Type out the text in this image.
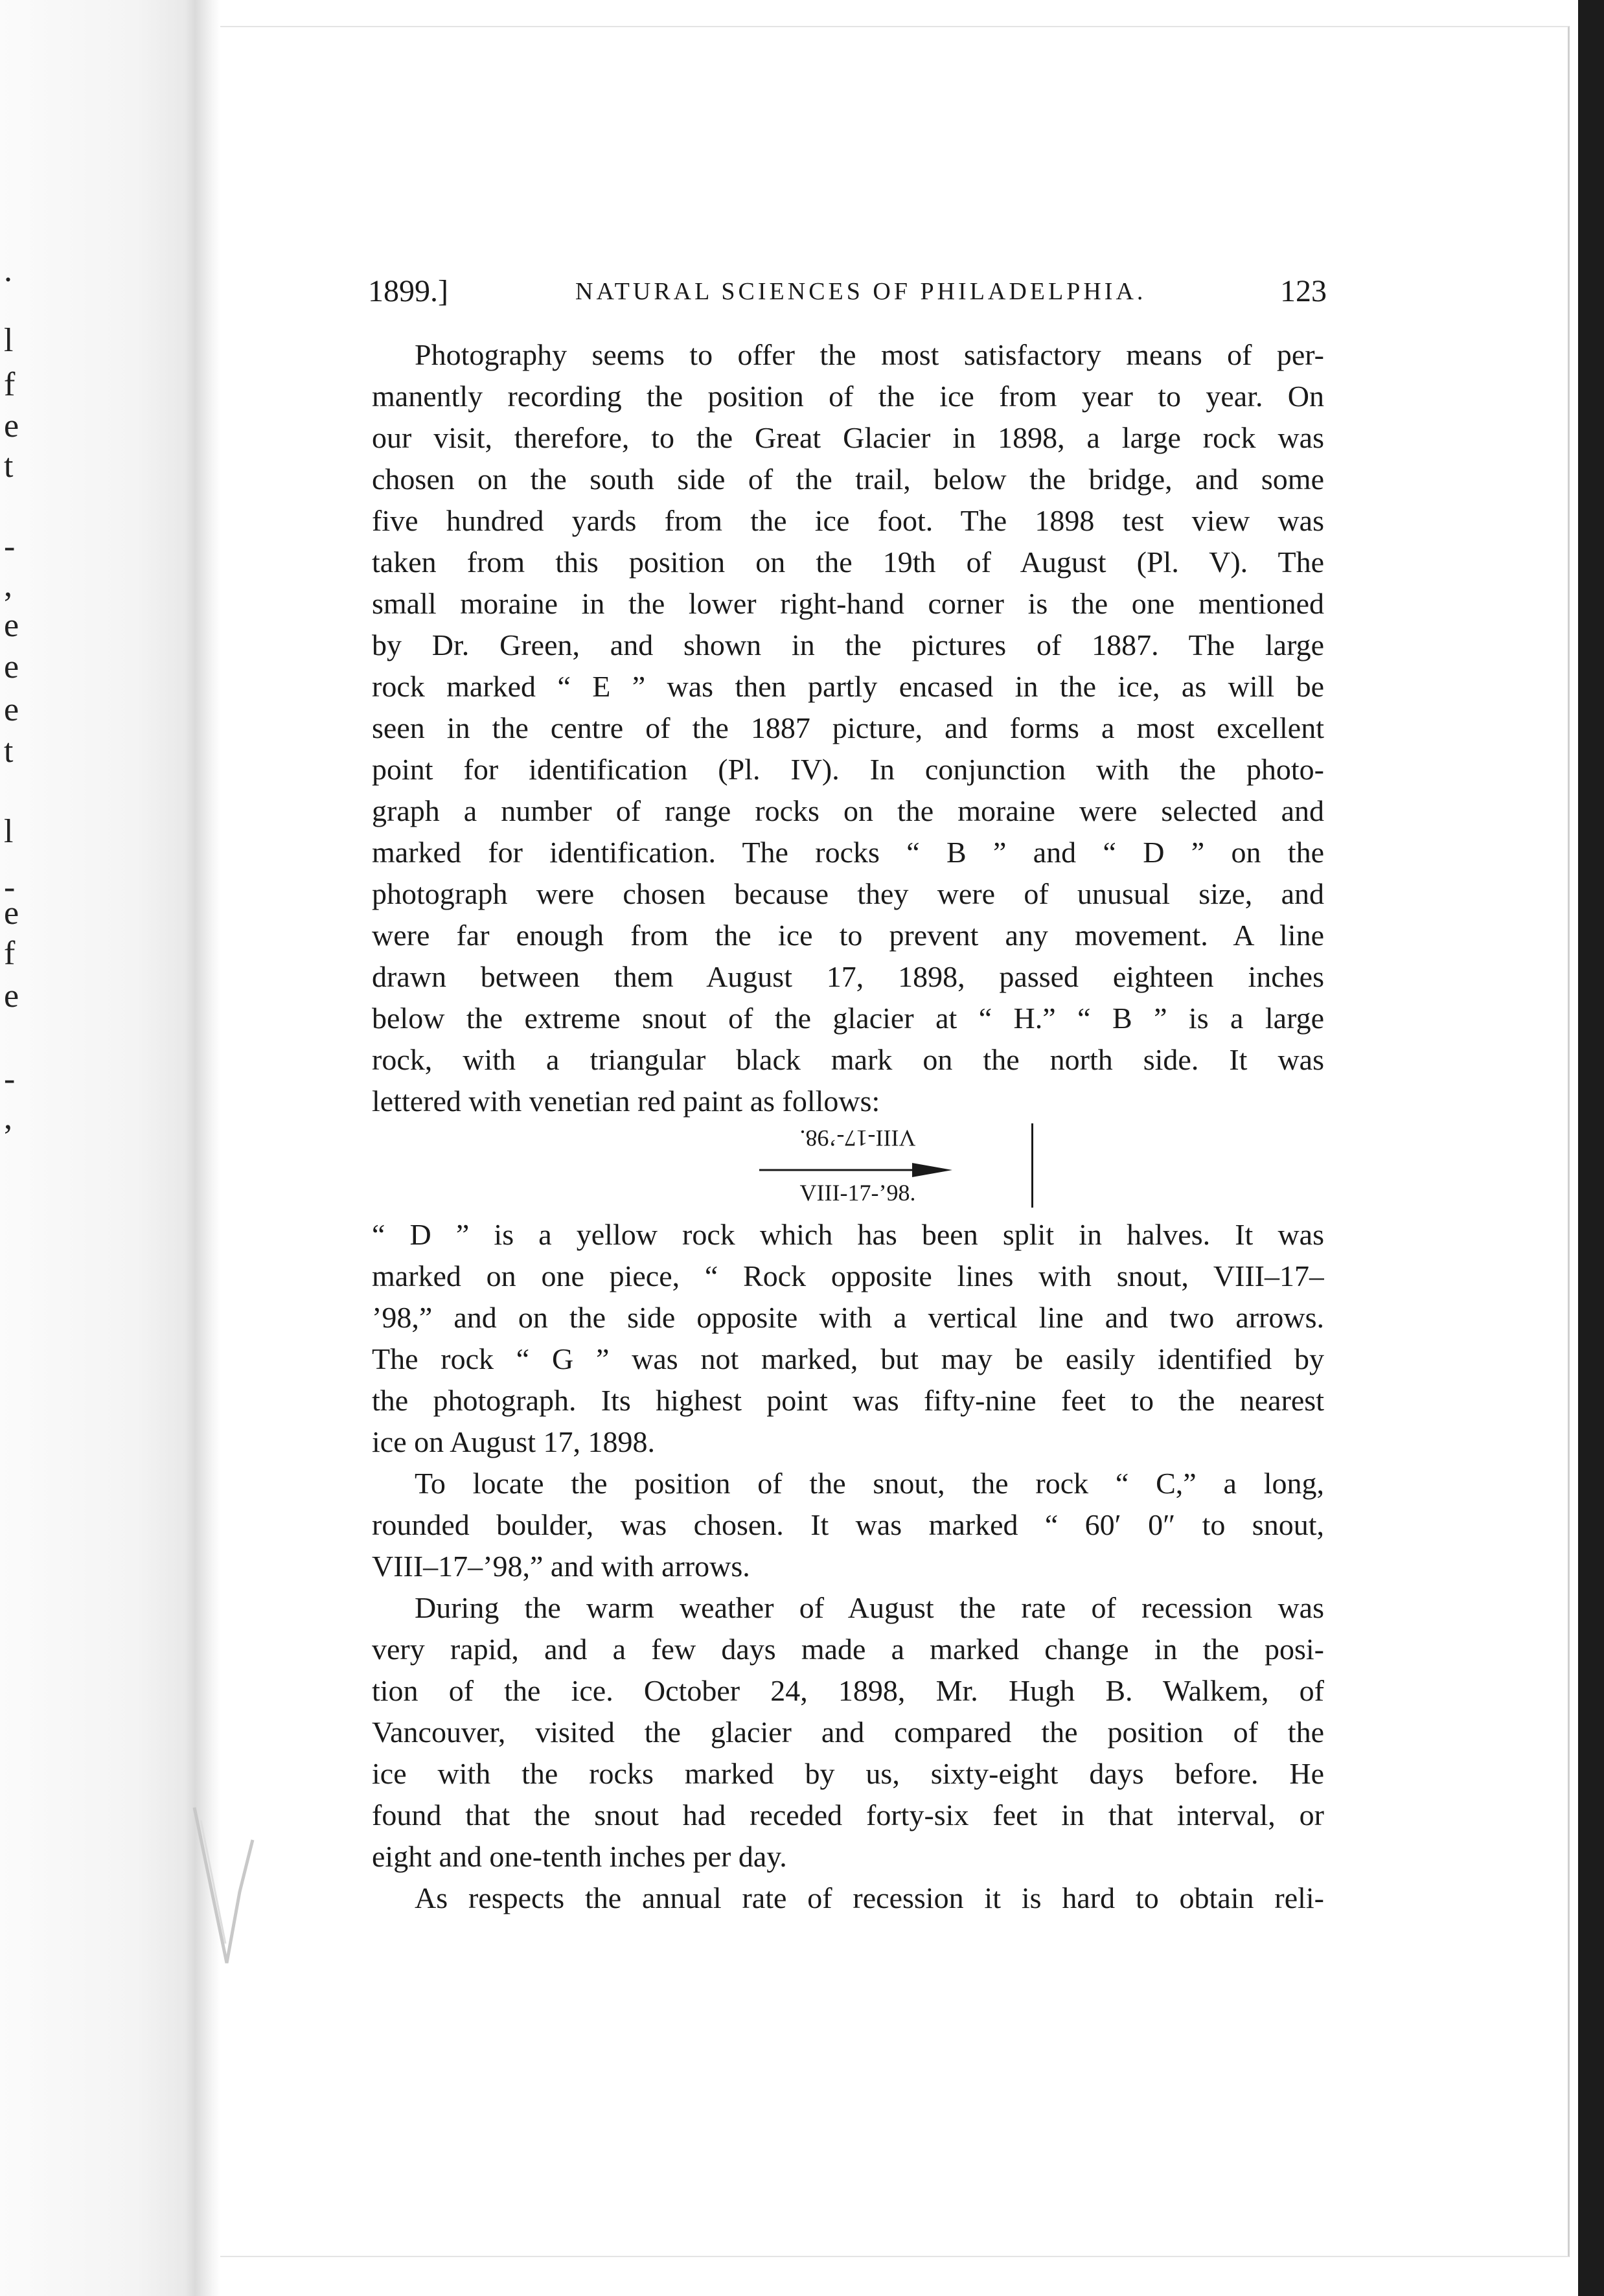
.
l
f
e
t
-
,
e
e
e
t
l
-
e
f
e
-
,
1899.]	NATURAL SCIENCES OF PHILADELPHIA.	123
Photography seems to offer the most satisfactory means of per-
manently recording the position of the ice from year to year. On
our visit, therefore, to the Great Glacier in 1898, a large rock was
chosen on the south side of the trail, below the bridge, and some
five hundred yards from the ice foot. The 1898 test view was
taken from this position on the 19th of August (Pl. V). The
small moraine in the lower right-hand corner is the one mentioned
by Dr. Green, and shown in the pictures of 1887. The large
rock marked “ E ” was then partly encased in the ice, as will be
seen in the centre of the 1887 picture, and forms a most excellent
point for identification (Pl. IV). In conjunction with the photo-
graph a number of range rocks on the moraine were selected and
marked for identification. The rocks “ B ” and “ D ” on the
photograph were chosen because they were of unusual size, and
were far enough from the ice to prevent any movement. A line
drawn between them August 17, 1898, passed eighteen inches
below the extreme snout of the glacier at “ H.” “ B ” is a large
rock, with a triangular black mark on the north side. It was
lettered with venetian red paint as follows:
VIII-17-’98.
VIII-17-’98.
“ D ” is a yellow rock which has been split in halves. It was
marked on one piece, “ Rock opposite lines with snout, VIII–17–
’98,” and on the side opposite with a vertical line and two arrows.
The rock “ G ” was not marked, but may be easily identified by
the photograph. Its highest point was fifty-nine feet to the nearest
ice on August 17, 1898.
To locate the position of the snout, the rock “ C,” a long,
rounded boulder, was chosen. It was marked “ 60′ 0″ to snout,
VIII–17–’98,” and with arrows.
During the warm weather of August the rate of recession was
very rapid, and a few days made a marked change in the posi-
tion of the ice. October 24, 1898, Mr. Hugh B. Walkem, of
Vancouver, visited the glacier and compared the position of the
ice with the rocks marked by us, sixty-eight days before. He
found that the snout had receded forty-six feet in that interval, or
eight and one-tenth inches per day.
As respects the annual rate of recession it is hard to obtain reli-
